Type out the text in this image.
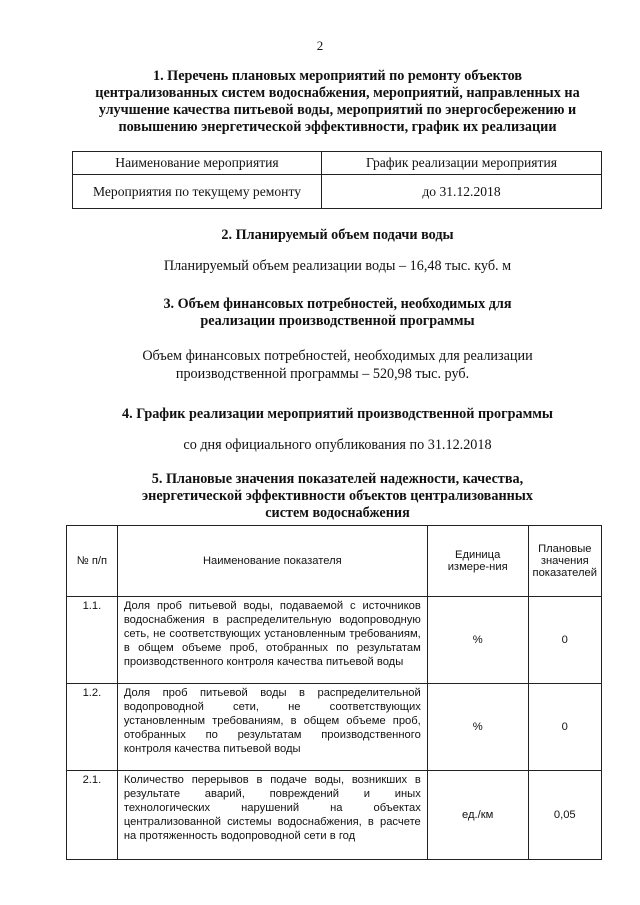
2
1. Перечень плановых мероприятий по ремонту объектов
централизованных систем водоснабжения, мероприятий, направленных на
улучшение качества питьевой воды, мероприятий по энергосбережению и
повышению энергетической эффективности, график их реализации
Наименование мероприятия	График реализации мероприятия
Мероприятия по текущему ремонту	до 31.12.2018
2. Планируемый объем подачи воды
Планируемый объем реализации воды – 16,48 тыс. куб. м
3. Объем финансовых потребностей, необходимых для
реализации производственной программы
Объем финансовых потребностей, необходимых для реализации
производственной программы – 520,98 тыс. руб.
4. График реализации мероприятий производственной программы
со дня официального опубликования по 31.12.2018
5. Плановые значения показателей надежности, качества,
энергетической эффективности объектов централизованных
систем водоснабжения
№ п/п	Наименование показателя	Единица измере-ния	Плановые значения показателей
1.1.	Доля проб питьевой воды, подаваемой с источников водоснабжения в распределительную водопроводную сеть, не соответствующих установленным требованиям, в общем объеме проб, отобранных по результатам производственного контроля качества питьевой воды	%	0
1.2.	Доля проб питьевой воды в распределительной водопроводной сети, не соответствующих установленным требованиям, в общем объеме проб, отобранных по результатам производственного контроля качества питьевой воды	%	0
2.1.	Количество перерывов в подаче воды, возникших в результате аварий, повреждений и иных технологических нарушений на объектах централизованной системы водоснабжения, в расчете на протяженность водопроводной сети в год	ед./км	0,05
